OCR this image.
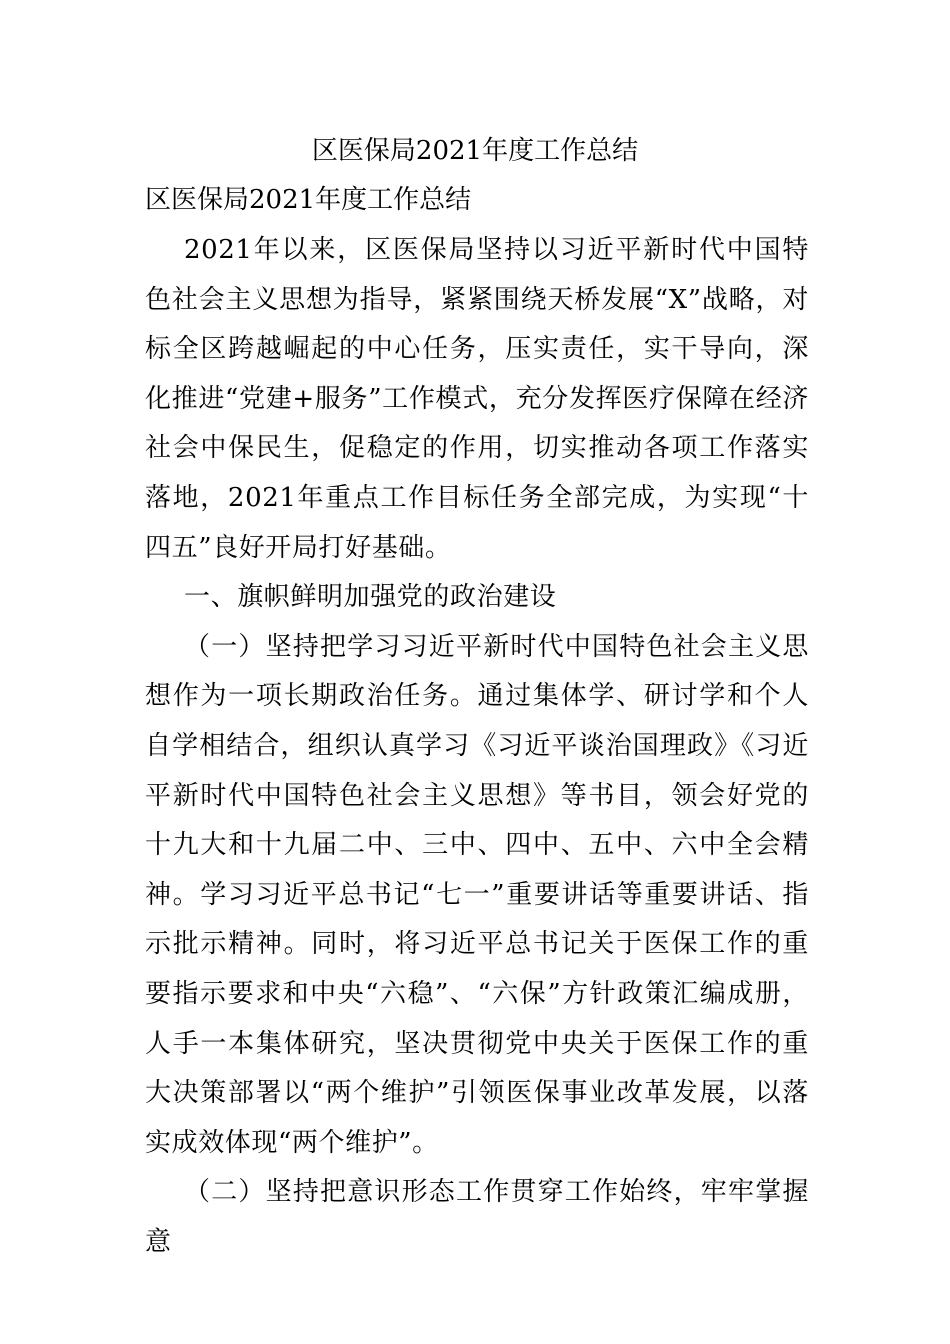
区医保局2021年度工作总结
区医保局2021年度工作总结

2021年以来，区医保局坚持以习近平新时代中国特色社会主义思想为指导，紧紧围绕天桥发展“X”战略，对标全区跨越崛起的中心任务，压实责任，实干导向，深化推进“党建+服务”工作模式，充分发挥医疗保障在经济社会中保民生，促稳定的作用，切实推动各项工作落实落地，2021年重点工作目标任务全部完成，为实现“十四五”良好开局打好基础。

一、旗帜鲜明加强党的政治建设

（一）坚持把学习习近平新时代中国特色社会主义思想作为一项长期政治任务。通过集体学、研讨学和个人自学相结合，组织认真学习《习近平谈治国理政》《习近平新时代中国特色社会主义思想》等书目，领会好党的十九大和十九届二中、三中、四中、五中、六中全会精神。学习习近平总书记“七一”重要讲话等重要讲话、指示批示精神。同时，将习近平总书记关于医保工作的重要指示要求和中央“六稳”、“六保”方针政策汇编成册，人手一本集体研究，坚决贯彻党中央关于医保工作的重大决策部署以“两个维护”引领医保事业改革发展，以落实成效体现“两个维护”。

（二）坚持把意识形态工作贯穿工作始终，牢牢掌握意
